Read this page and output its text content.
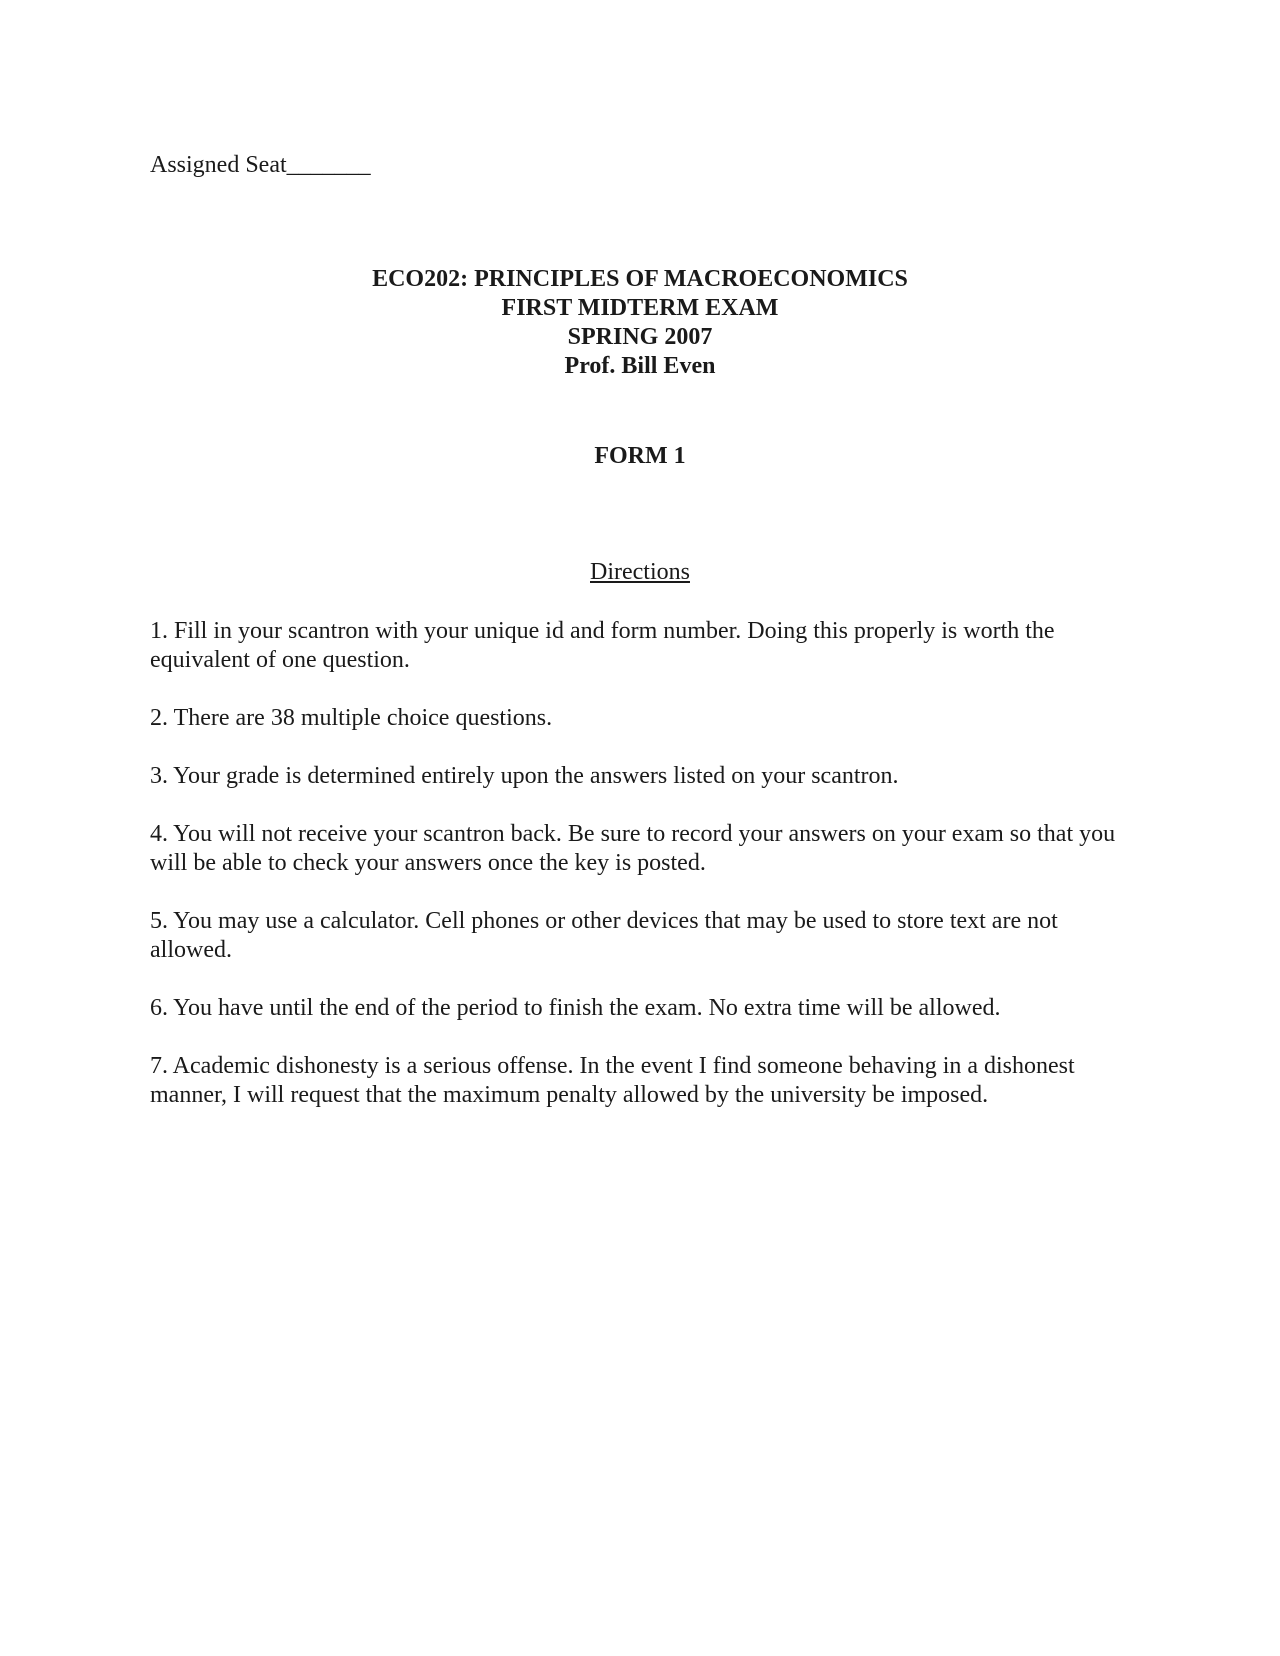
Assigned Seat_______
ECO202: PRINCIPLES OF MACROECONOMICS
FIRST MIDTERM EXAM
SPRING 2007
Prof. Bill Even
FORM 1
Directions

1. Fill in your scantron with your unique id and form number. Doing this properly is worth the equivalent of one question.

2. There are 38 multiple choice questions.

3. Your grade is determined entirely upon the answers listed on your scantron.

4. You will not receive your scantron back. Be sure to record your answers on your exam so that you will be able to check your answers once the key is posted.

5. You may use a calculator. Cell phones or other devices that may be used to store text are not allowed.

6. You have until the end of the period to finish the exam. No extra time will be allowed.

7. Academic dishonesty is a serious offense. In the event I find someone behaving in a dishonest manner, I will request that the maximum penalty allowed by the university be imposed.
